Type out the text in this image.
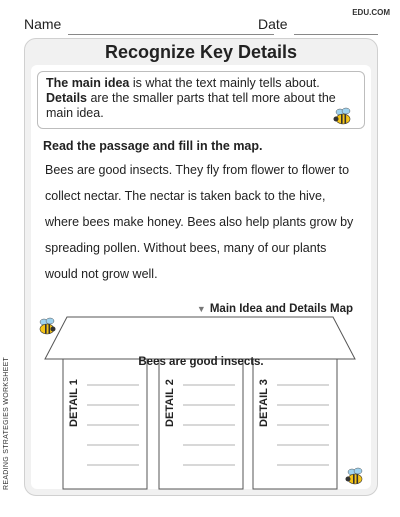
EDU.COM
Name	Date
READING STRATEGIES WORKSHEET
Recognize Key Details
The main idea is what the text mainly tells about.
Details are the smaller parts that tell more about the main idea.
Read the passage and fill in the map.
Bees are good insects. They fly from flower to flower to collect nectar. The nectar is taken back to the hive, where bees make honey. Bees also help plants grow by spreading pollen. Without bees, many of our plants would not grow well.
▼ Main Idea and Details Map
Bees are good insects.
DETAIL 1	DETAIL 2	DETAIL 3
